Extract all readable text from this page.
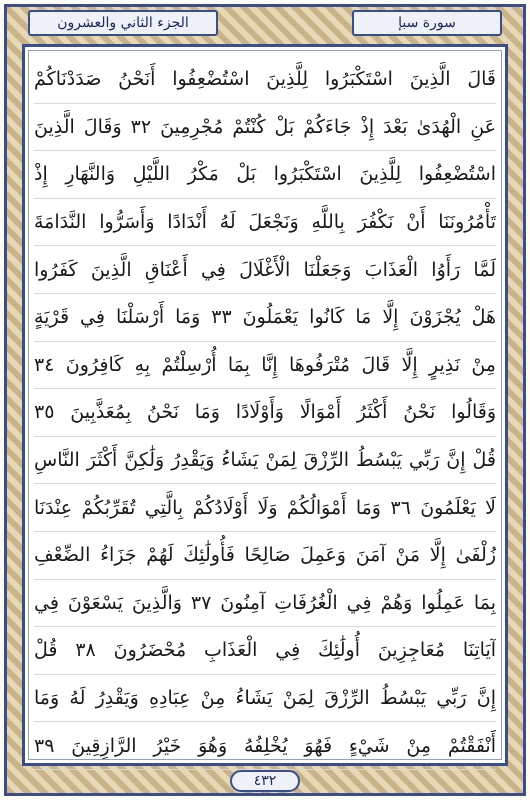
الجزء الثاني والعشرون	سورة سبإ
قَالَ الَّذِينَ اسْتَكْبَرُوا لِلَّذِينَ اسْتُضْعِفُوا أَنَحْنُ صَدَدْنَاكُمْ
عَنِ الْهُدَىٰ بَعْدَ إِذْ جَاءَكُمْ بَلْ كُنْتُمْ مُجْرِمِينَ ٣٢ وَقَالَ الَّذِينَ
اسْتُضْعِفُوا لِلَّذِينَ اسْتَكْبَرُوا بَلْ مَكْرُ اللَّيْلِ وَالنَّهَارِ إِذْ
تَأْمُرُونَنَا أَنْ نَكْفُرَ بِاللَّهِ وَنَجْعَلَ لَهُ أَنْدَادًا وَأَسَرُّوا النَّدَامَةَ
لَمَّا رَأَوُا الْعَذَابَ وَجَعَلْنَا الْأَغْلَالَ فِي أَعْنَاقِ الَّذِينَ كَفَرُوا
هَلْ يُجْزَوْنَ إِلَّا مَا كَانُوا يَعْمَلُونَ ٣٣ وَمَا أَرْسَلْنَا فِي قَرْيَةٍ
مِنْ نَذِيرٍ إِلَّا قَالَ مُتْرَفُوهَا إِنَّا بِمَا أُرْسِلْتُمْ بِهِ كَافِرُونَ ٣٤
وَقَالُوا نَحْنُ أَكْثَرُ أَمْوَالًا وَأَوْلَادًا وَمَا نَحْنُ بِمُعَذَّبِينَ ٣٥
قُلْ إِنَّ رَبِّي يَبْسُطُ الرِّزْقَ لِمَنْ يَشَاءُ وَيَقْدِرُ وَلَٰكِنَّ أَكْثَرَ النَّاسِ
لَا يَعْلَمُونَ ٣٦ وَمَا أَمْوَالُكُمْ وَلَا أَوْلَادُكُمْ بِالَّتِي تُقَرِّبُكُمْ عِنْدَنَا
زُلْفَىٰ إِلَّا مَنْ آمَنَ وَعَمِلَ صَالِحًا فَأُولَٰئِكَ لَهُمْ جَزَاءُ الضِّعْفِ
بِمَا عَمِلُوا وَهُمْ فِي الْغُرُفَاتِ آمِنُونَ ٣٧ وَالَّذِينَ يَسْعَوْنَ فِي
آيَاتِنَا مُعَاجِزِينَ أُولَٰئِكَ فِي الْعَذَابِ مُحْضَرُونَ ٣٨ قُلْ
إِنَّ رَبِّي يَبْسُطُ الرِّزْقَ لِمَنْ يَشَاءُ مِنْ عِبَادِهِ وَيَقْدِرُ لَهُ وَمَا
أَنْفَقْتُمْ مِنْ شَيْءٍ فَهُوَ يُخْلِفُهُ وَهُوَ خَيْرُ الرَّازِقِينَ ٣٩
٤٣٢
